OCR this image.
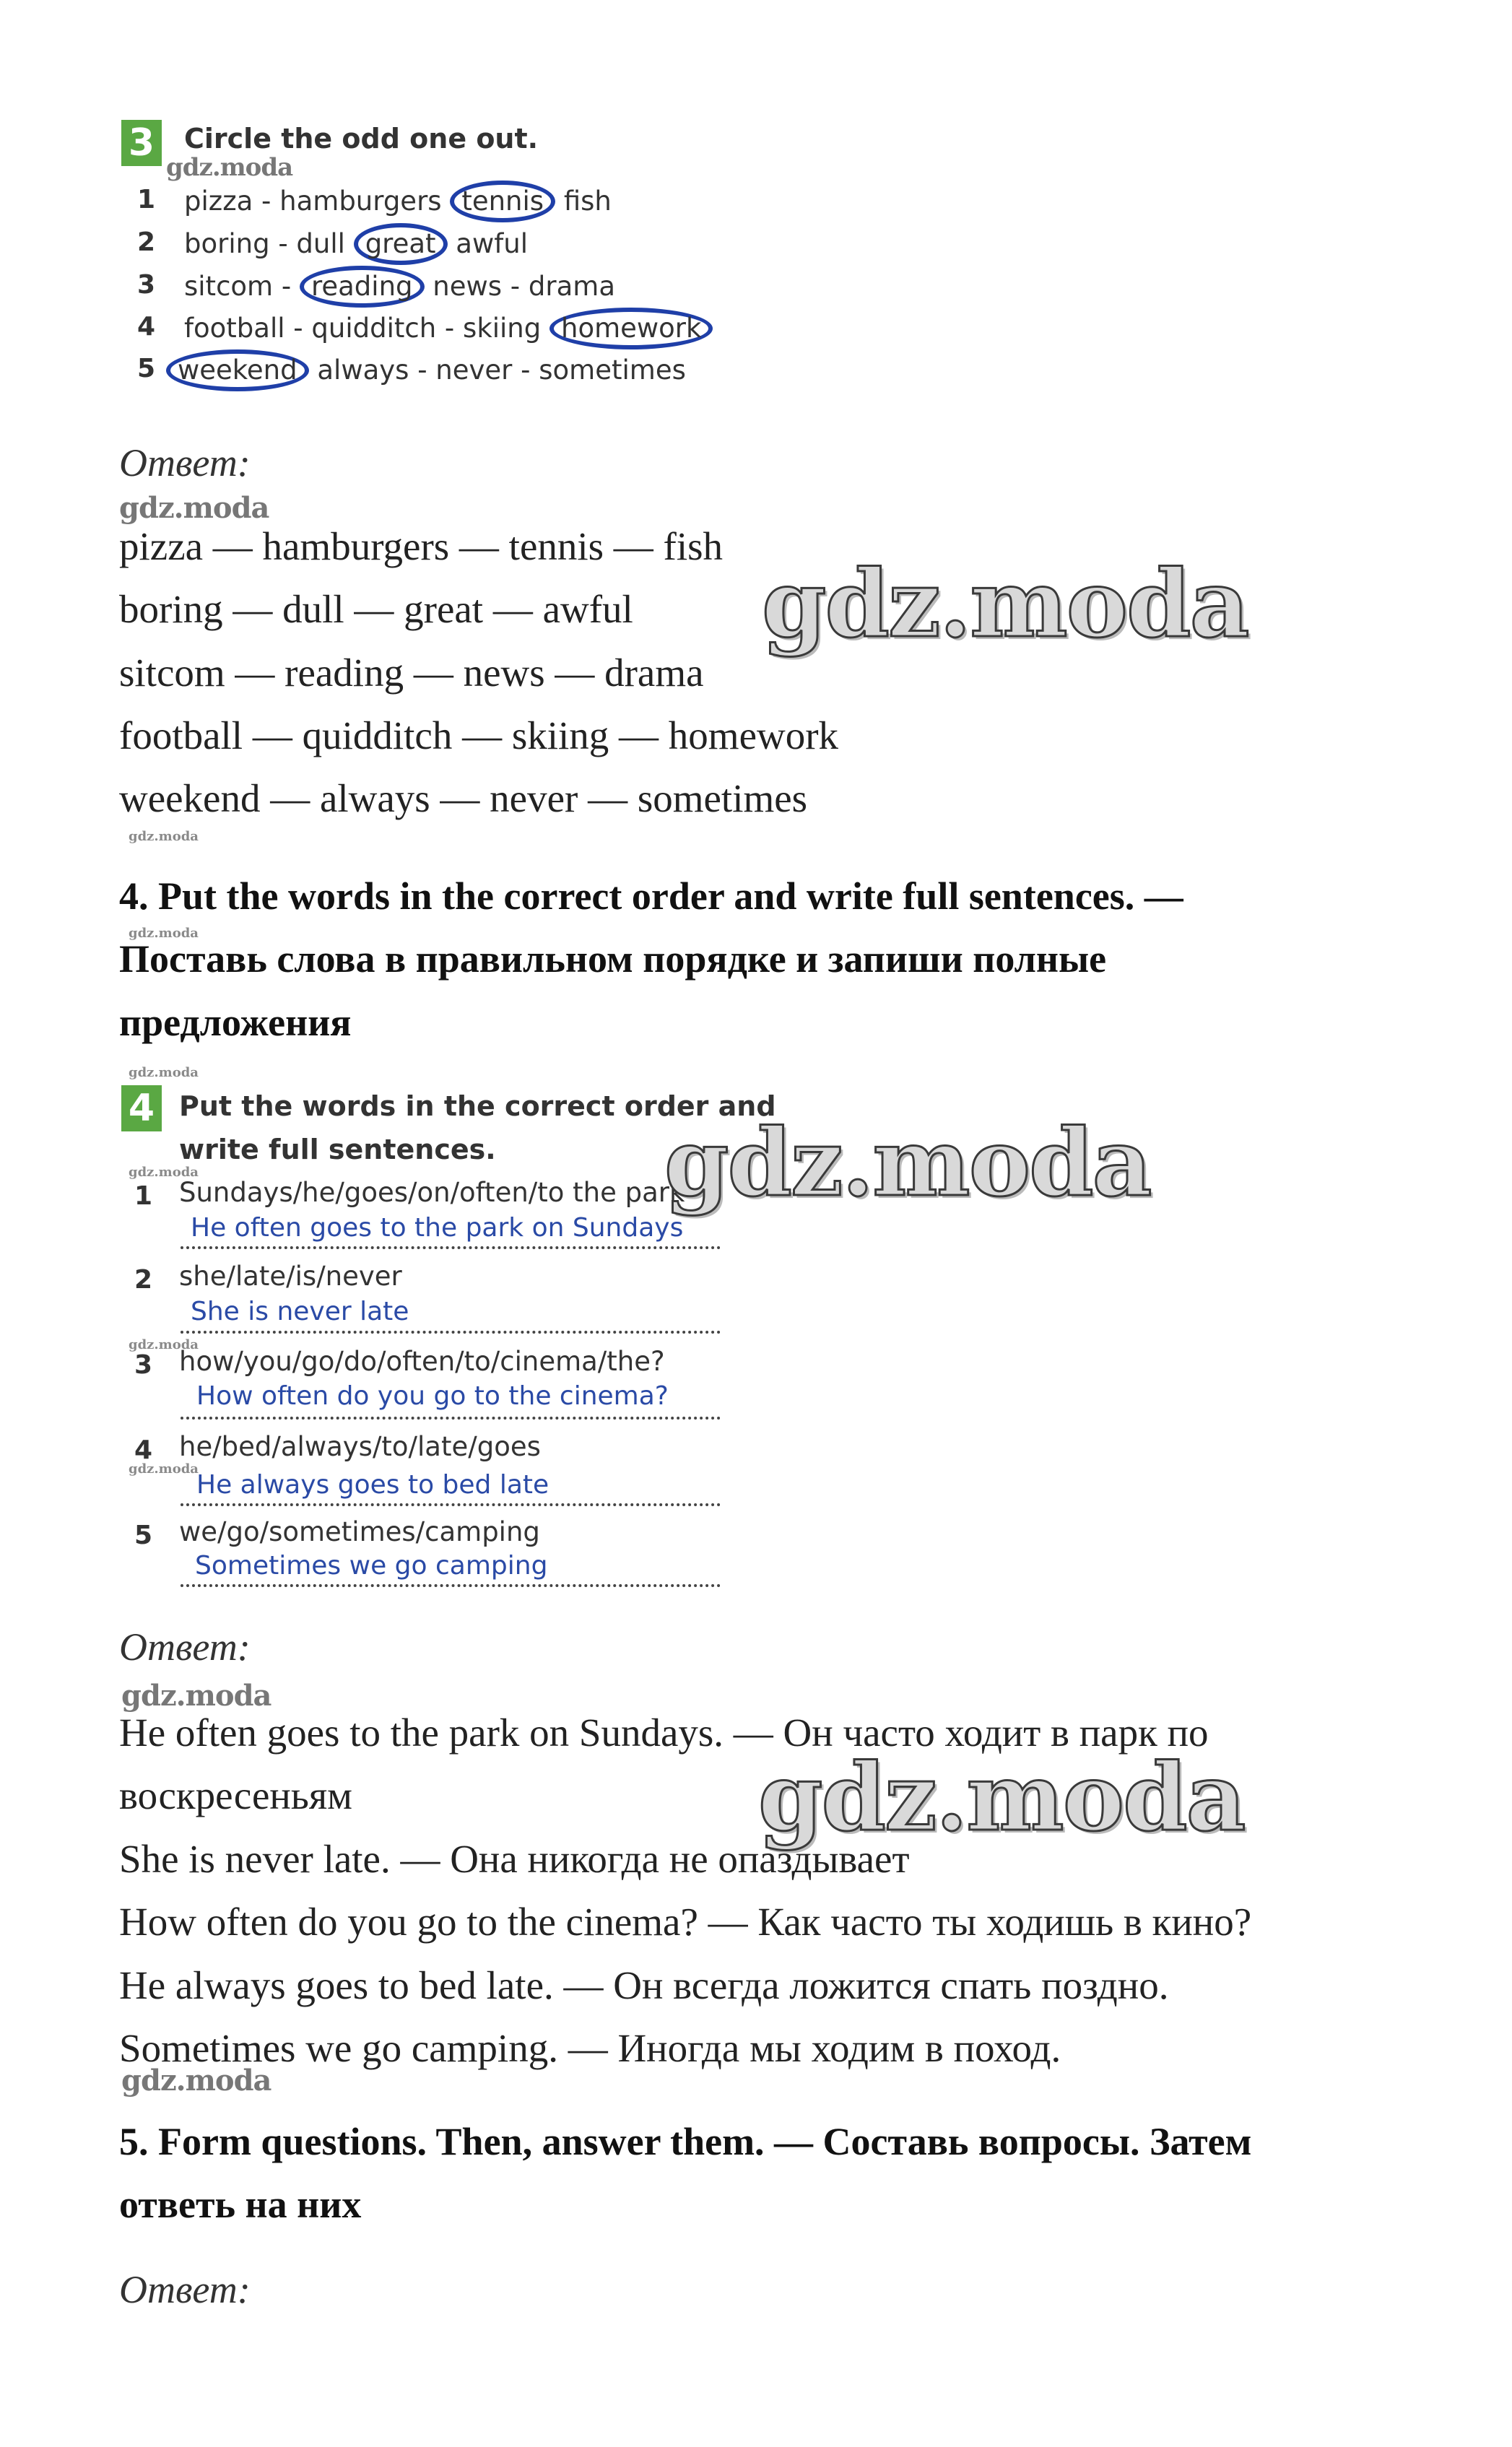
3 Circle the odd one out.
gdz.moda
1 pizza - hamburgers tennis fish
2 boring - dull great awful
3 sitcom - reading news - drama
4 football - quidditch - skiing homework
5 weekend always - never - sometimes
Ответ:
gdz.moda
pizza — hamburgers — tennis — fish
boring — dull — great — awful
sitcom — reading — news — drama
football — quidditch — skiing — homework
weekend — always — never — sometimes
gdz.moda
gdz.moda
4. Put the words in the correct order and write full sentences. —
gdz.moda
Поставь слова в правильном порядке и запиши полные
предложения
gdz.moda
4 Put the words in the correct order and
write full sentences.
gdz.moda
1 Sundays/he/goes/on/often/to the park
He often goes to the park on Sundays
2 she/late/is/never
She is never late
gdz.moda
3 how/you/go/do/often/to/cinema/the?
How often do you go to the cinema?
4 he/bed/always/to/late/goes
gdz.moda
He always goes to bed late
5 we/go/sometimes/camping
Sometimes we go camping
gdz.moda
Ответ:
gdz.moda
He often goes to the park on Sundays. — Он часто ходит в парк по
воскресеньям
She is never late. — Она никогда не опаздывает
How often do you go to the cinema? — Как часто ты ходишь в кино?
He always goes to bed late. — Он всегда ложится спать поздно.
Sometimes we go camping. — Иногда мы ходим в поход.
gdz.moda
gdz.moda
5. Form questions. Then, answer them. — Составь вопросы. Затем
ответь на них
Ответ:
